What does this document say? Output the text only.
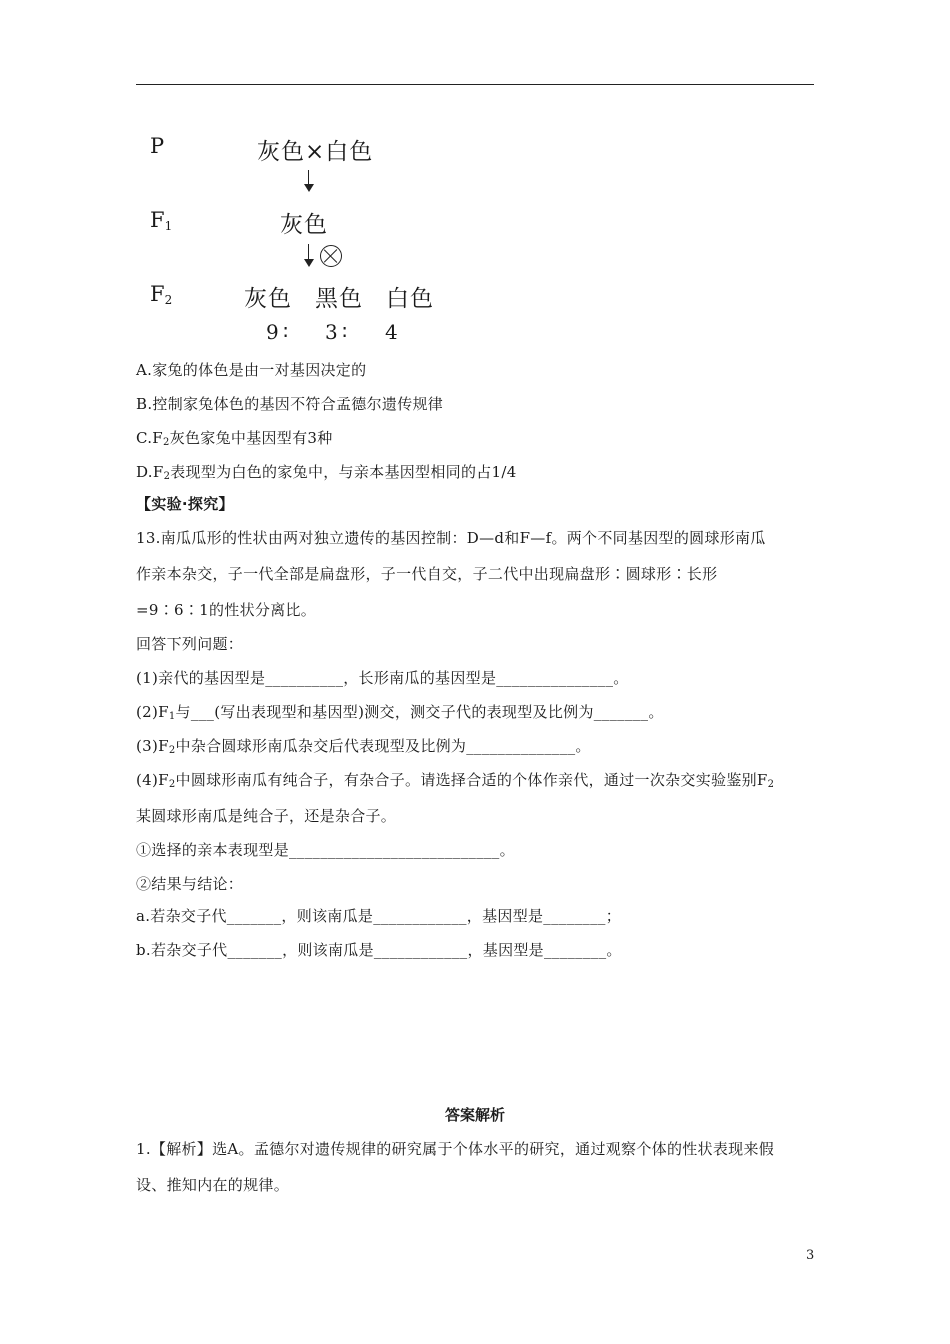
P	灰色×白色
$F_1$	灰色
$F_2$	灰色 黑色 白色
9 ∶ 3 ∶ 4
A.家兔的体色是由一对基因决定的
B.控制家兔体色的基因不符合孟德尔遗传规律
$C.F_2$灰色家兔中基因型有3种
$D.F_2$表现型为白色的家兔中，与亲本基因型相同的占1/4
【实验·探究】
13.南瓜瓜形的性状由两对独立遗传的基因控制：D—d和F—f。两个不同基因型的圆球形南瓜
作亲本杂交，子一代全部是扁盘形，子一代自交，子二代中出现扁盘形∶圆球形∶长形
=9∶6∶1的性状分离比。
回答下列问题：
(1)亲代的基因型是__________，长形南瓜的基因型是_______________。
$(2)F_1$与___(写出表现型和基因型)测交，测交子代的表现型及比例为_______。
$(3)F_2$中杂合圆球形南瓜杂交后代表现型及比例为______________。
$(4)F_2$中圆球形南瓜有纯合子，有杂合子。请选择合适的个体作亲代，通过一次杂交实验鉴别$F_2$
某圆球形南瓜是纯合子，还是杂合子。
①选择的亲本表现型是___________________________。
②结果与结论：
a.若杂交子代_______，则该南瓜是____________，基因型是________；
b.若杂交子代_______，则该南瓜是____________，基因型是________。
答案解析
1.【解析】选A。孟德尔对遗传规律的研究属于个体水平的研究，通过观察个体的性状表现来假
设、推知内在的规律。
3
